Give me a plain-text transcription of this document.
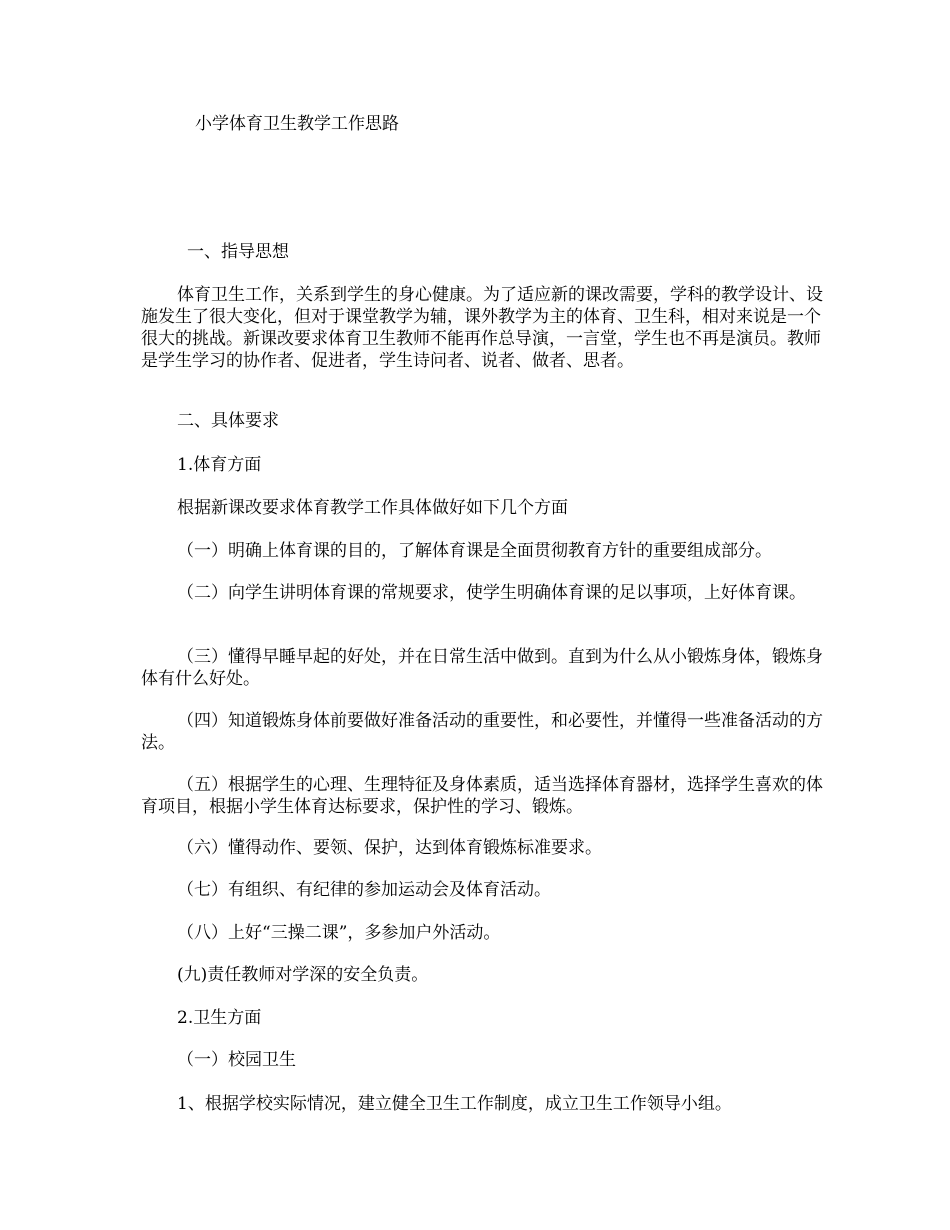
小学体育卫生教学工作思路
一、指导思想
体育卫生工作，关系到学生的身心健康。为了适应新的课改需要，学科的教学设计、设施发生了很大变化，但对于课堂教学为辅，课外教学为主的体育、卫生科，相对来说是一个很大的挑战。新课改要求体育卫生教师不能再作总导演，一言堂，学生也不再是演员。教师是学生学习的协作者、促进者，学生诗问者、说者、做者、思者。
二、具体要求
1.体育方面
根据新课改要求体育教学工作具体做好如下几个方面
（一）明确上体育课的目的，了解体育课是全面贯彻教育方针的重要组成部分。
（二）向学生讲明体育课的常规要求，使学生明确体育课的足以事项，上好体育课。
（三）懂得早睡早起的好处，并在日常生活中做到。直到为什么从小锻炼身体，锻炼身体有什么好处。
（四）知道锻炼身体前要做好准备活动的重要性，和必要性，并懂得一些准备活动的方法。
（五）根据学生的心理、生理特征及身体素质，适当选择体育器材，选择学生喜欢的体育项目，根据小学生体育达标要求，保护性的学习、锻炼。
（六）懂得动作、要领、保护，达到体育锻炼标准要求。
（七）有组织、有纪律的参加运动会及体育活动。
（八）上好“三操二课”，多参加户外活动。
(九)责任教师对学深的安全负责。
2.卫生方面
（一）校园卫生
1、根据学校实际情况，建立健全卫生工作制度，成立卫生工作领导小组。
